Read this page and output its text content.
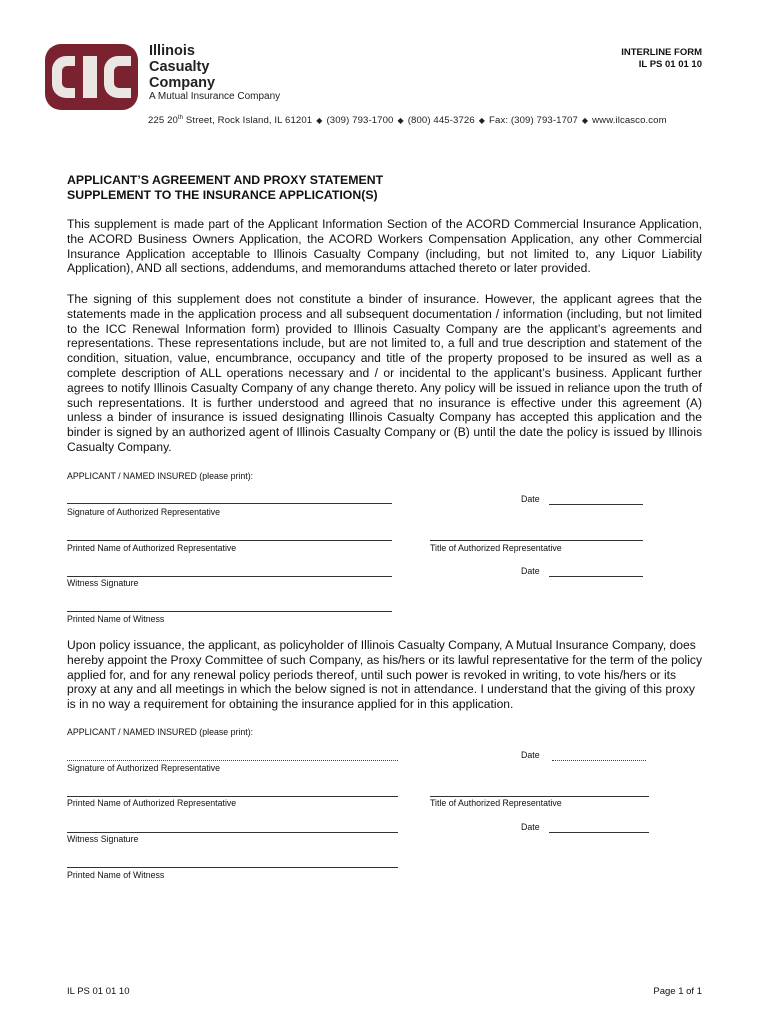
Illinois
Casualty
Company
A Mutual Insurance Company
225 20th Street, Rock Island, IL 61201 ◆ (309) 793-1700 ◆ (800) 445-3726 ◆ Fax: (309) 793-1707 ◆ www.ilcasco.com
INTERLINE FORM
IL PS 01 01 10
APPLICANT’S AGREEMENT AND PROXY STATEMENT
SUPPLEMENT TO THE INSURANCE APPLICATION(S)
This supplement is made part of the Applicant Information Section of the ACORD Commercial Insurance Application, the ACORD Business Owners Application, the ACORD Workers Compensation Application, any other Commercial Insurance Application acceptable to Illinois Casualty Company (including, but not limited to, any Liquor Liability Application), AND all sections, addendums, and memorandums attached thereto or later provided.
The signing of this supplement does not constitute a binder of insurance. However, the applicant agrees that the statements made in the application process and all subsequent documentation / information (including, but not limited to the ICC Renewal Information form) provided to Illinois Casualty Company are the applicant’s agreements and representations. These representations include, but are not limited to, a full and true description and statement of the condition, situation, value, encumbrance, occupancy and title of the property proposed to be insured as well as a complete description of ALL operations necessary and / or incidental to the applicant’s business. Applicant further agrees to notify Illinois Casualty Company of any change thereto. Any policy will be issued in reliance upon the truth of such representations. It is further understood and agreed that no insurance is effective under this agreement (A) unless a binder of insurance is issued designating Illinois Casualty Company has accepted this application and the binder is signed by an authorized agent of Illinois Casualty Company or (B) until the date the policy is issued by Illinois Casualty Company.
APPLICANT / NAMED INSURED (please print):
Date
Signature of Authorized Representative
Printed Name of Authorized Representative	Title of Authorized Representative
Date
Witness Signature
Printed Name of Witness
Upon policy issuance, the applicant, as policyholder of Illinois Casualty Company, A Mutual Insurance Company, does hereby appoint the Proxy Committee of such Company, as his/hers or its lawful representative for the term of the policy applied for, and for any renewal policy periods thereof, until such power is revoked in writing, to vote his/hers or its proxy at any and all meetings in which the below signed is not in attendance. I understand that the giving of this proxy is in no way a requirement for obtaining the insurance applied for in this application.
APPLICANT / NAMED INSURED (please print):
Date
Signature of Authorized Representative
Printed Name of Authorized Representative	Title of Authorized Representative
Date
Witness Signature
Printed Name of Witness
IL PS 01 01 10	Page 1 of 1
